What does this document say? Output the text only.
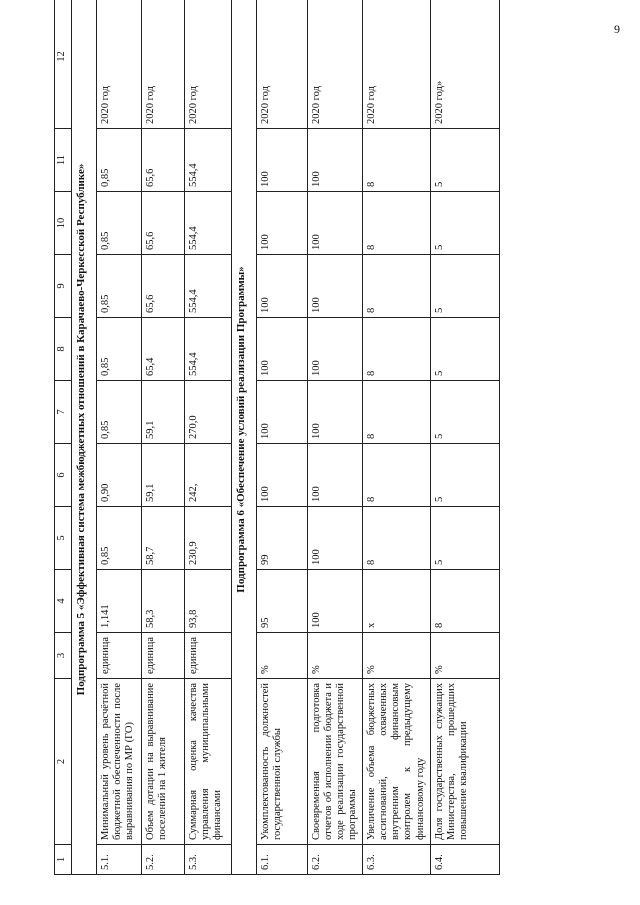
9
1	2	3	4	5	6	7	8	9	10	11	12
Подпрограмма 5 «Эффективная система межбюджетных отношений в Карачаево-Черкесской Республике»											
5.1.	Минимальный уровень расчётной бюджетной обеспеченности после выравнивания по МР (ГО)	единица	1,141	0,85	0,90	0,85	0,85	0,85	0,85	0,85	2020 год
5.2.	Объем дотации на выравнивание поселений на 1 жителя	единица	58,3	58,7	59,1	59,1	65,4	65,6	65,6	65,6	2020 год
5.3.	Суммарная оценка качества управления муниципальными финансами	единица	93,8	230,9	242,	270,0	554,4	554,4	554,4	554,4	2020 год
Подпрограмма 6 «Обеспечение условий реализации Программы»											
6.1.	Укомплектованность должностей государственной службы	%	95	99	100	100	100	100	100	100	2020 год
6.2.	Своевременная подготовка отчетов об исполнении бюджета и ходе реализации государственной программы	%	100	100	100	100	100	100	100	100	2020 год
6.3.	Увеличение объема бюджетных ассигнований, охваченных внутренним финансовым контролем к предыдущему финансовому году	%	x	8	8	8	8	8	8	8	2020 год
6.4.	Доля государственных служащих Министерства, прошедших повышение квалификации	%	8	5	5	5	5	5	5	5	2020 год»
